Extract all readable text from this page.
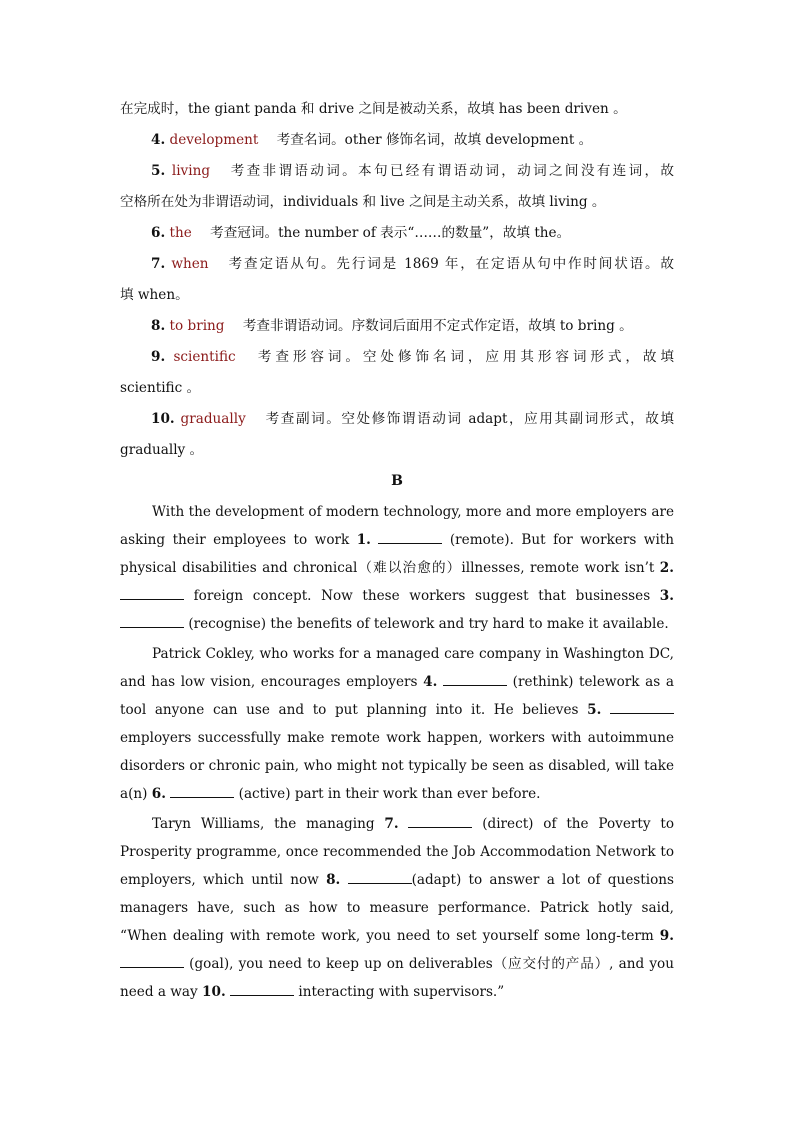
在完成时，the giant panda 和 drive 之间是被动关系，故填 has been driven 。
4. development 考查名词。other 修饰名词，故填 development 。
5. living 考查非谓语动词。本句已经有谓语动词，动词之间没有连词，故
空格所在处为非谓语动词，individuals 和 live 之间是主动关系，故填 living 。
6. the 考查冠词。the number of 表示“……的数量”，故填 the。
7. when 考查定语从句。先行词是 1869 年，在定语从句中作时间状语。故
填 when。
8. to bring 考查非谓语动词。序数词后面用不定式作定语，故填 to bring 。
9. scientific 考查形容词。空处修饰名词，应用其形容词形式，故填
scientific 。
10. gradually 考查副词。空处修饰谓语动词 adapt，应用其副词形式，故填
gradually 。
B
With the development of modern technology, more and more employers are asking their employees to work 1.	(remote). But for workers with physical disabilities and chronical（难以治愈的）illnesses, remote work isn’t 2.  foreign concept. Now these workers suggest that businesses 3.  (recognise) the benefits of telework and try hard to make it available.
Patrick Cokley, who works for a managed care company in Washington DC, and has low vision, encourages employers 4.	(rethink) telework as a tool anyone can use and to put planning into it. He believes 5.  employers successfully make remote work happen, workers with autoimmune disorders or chronic pain, who might not typically be seen as disabled, will take a(n) 6.	(active) part in their work than ever before.
Taryn Williams, the managing 7.	(direct) of the Poverty to Prosperity programme, once recommended the Job Accommodation Network to employers, which until now 8.	(adapt) to answer a lot of questions managers have, such as how to measure performance. Patrick hotly said, “When dealing with remote work, you need to set yourself some long-term 9.  (goal), you need to keep up on deliverables（应交付的产品）, and you need a way 10.	interacting with supervisors.”
